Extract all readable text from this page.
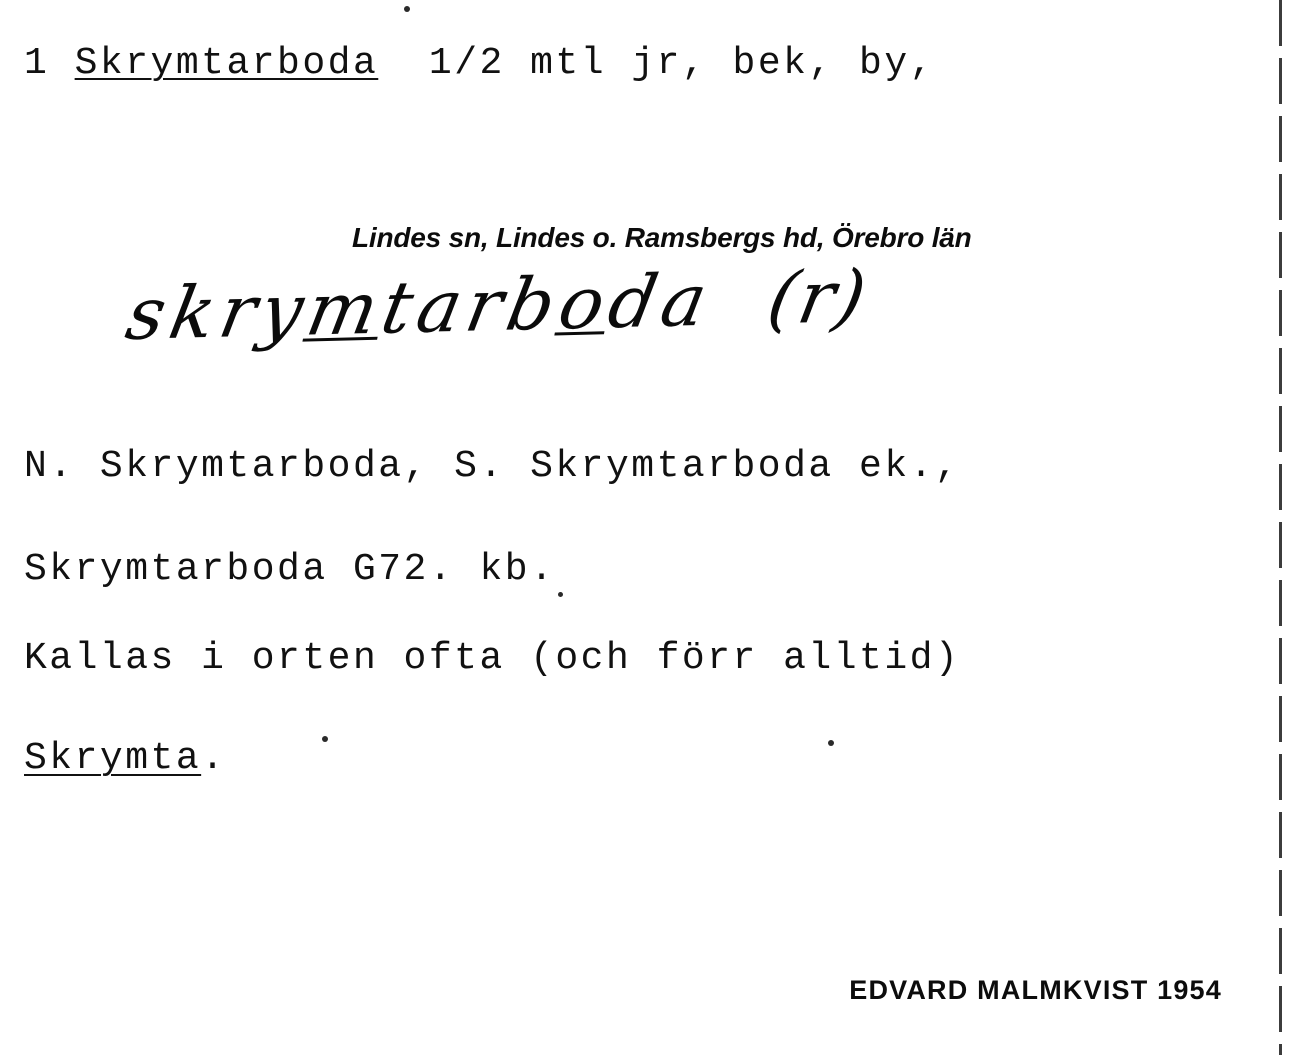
1 Skrymtarboda 1/2 mtl jr, bek, by,
Lindes sn, Lindes o. Ramsbergs hd, Örebro län
skrymtarboda (r)
N. Skrymtarboda, S. Skrymtarboda ek.,
Skrymtarboda G72. kb.
Kallas i orten ofta (och förr alltid)
Skrymta.
EDVARD MALMKVIST 1954
